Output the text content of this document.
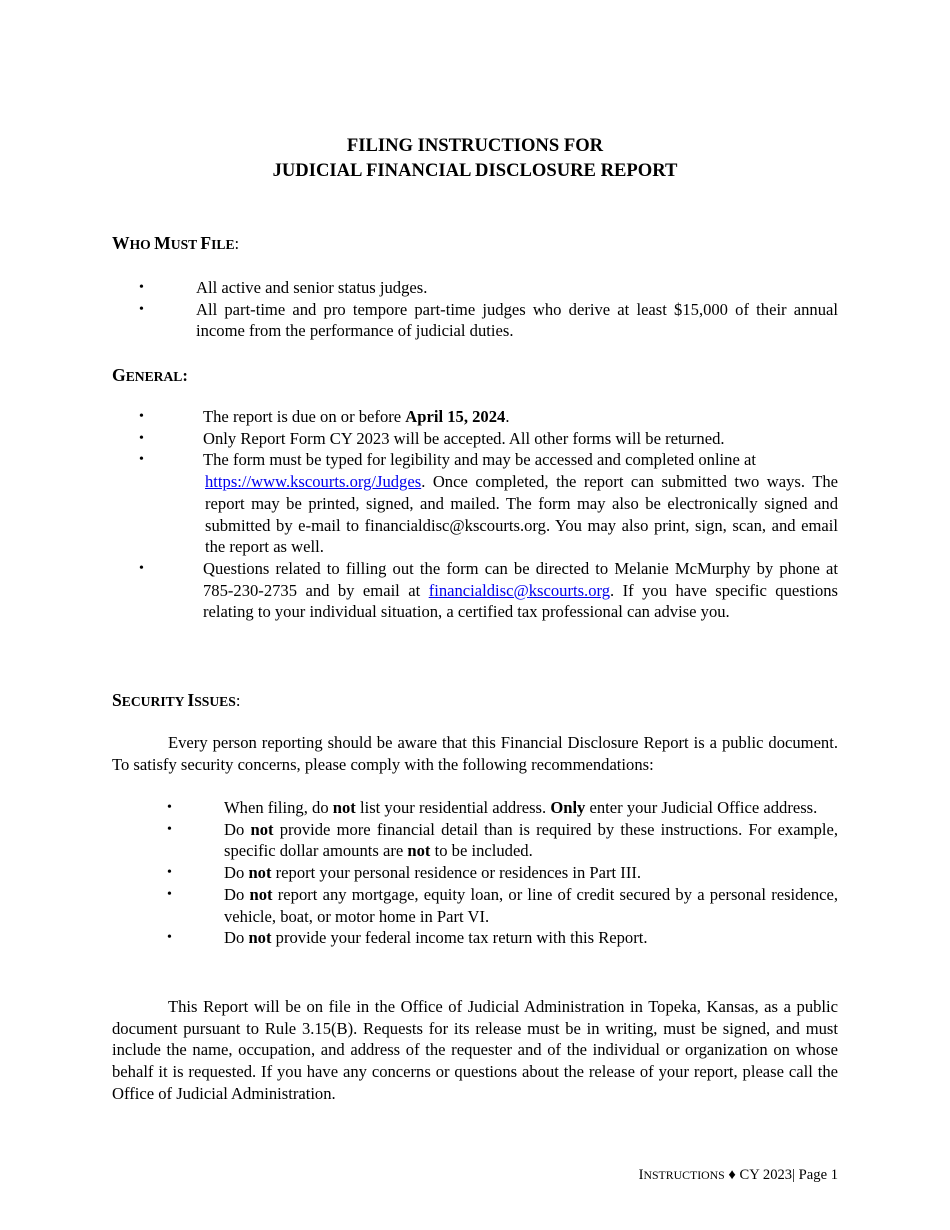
FILING INSTRUCTIONS FOR
JUDICIAL FINANCIAL DISCLOSURE REPORT
WHO MUST FILE:
•	All active and senior status judges.
•	All part-time and pro tempore part-time judges who derive at least $15,000 of their annual income from the performance of judicial duties.
GENERAL:
•	The report is due on or before April 15, 2024.
•	Only Report Form CY 2023 will be accepted. All other forms will be returned.
•	The form must be typed for legibility and may be accessed and completed online at
https://www.kscourts.org/Judges. Once completed, the report can submitted two ways. The report may be printed, signed, and mailed. The form may also be electronically signed and submitted by e-mail to financialdisc@kscourts.org. You may also print, sign, scan, and email the report as well.
•	Questions related to filling out the form can be directed to Melanie McMurphy by phone at 785-230-2735 and by email at financialdisc@kscourts.org. If you have specific questions relating to your individual situation, a certified tax professional can advise you.
SECURITY ISSUES:
Every person reporting should be aware that this Financial Disclosure Report is a public document. To satisfy security concerns, please comply with the following recommendations:
•	When filing, do not list your residential address. Only enter your Judicial Office address.
•	Do not provide more financial detail than is required by these instructions. For example, specific dollar amounts are not to be included.
•	Do not report your personal residence or residences in Part III.
•	Do not report any mortgage, equity loan, or line of credit secured by a personal residence, vehicle, boat, or motor home in Part VI.
•	Do not provide your federal income tax return with this Report.
This Report will be on file in the Office of Judicial Administration in Topeka, Kansas, as a public document pursuant to Rule 3.15(B). Requests for its release must be in writing, must be signed, and must include the name, occupation, and address of the requester and of the individual or organization on whose behalf it is requested. If you have any concerns or questions about the release of your report, please call the Office of Judicial Administration.
INSTRUCTIONS ♦ CY 2023| Page 1
